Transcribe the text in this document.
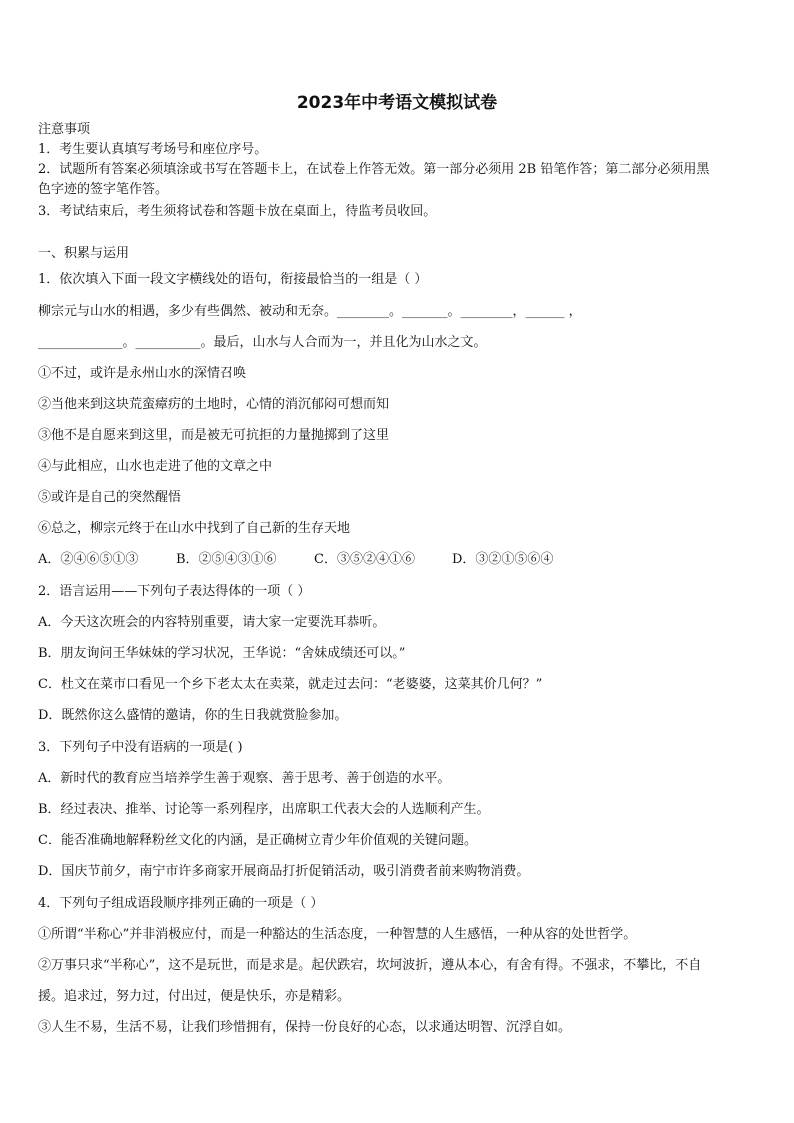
2023年中考语文模拟试卷
注意事项
1．考生要认真填写考场号和座位序号。
2．试题所有答案必须填涂或书写在答题卡上，在试卷上作答无效。第一部分必须用 2B 铅笔作答；第二部分必须用黑
色字迹的签字笔作答。
3．考试结束后，考生须将试卷和答题卡放在桌面上，待监考员收回。
一、积累与运用
1．依次填入下面一段文字横线处的语句，衔接最恰当的一组是（ ）
柳宗元与山水的相遇，多少有些偶然、被动和无奈。________。_______。________，______ ，
_____________。__________。最后，山水与人合而为一，并且化为山水之文。
①不过，或许是永州山水的深情召唤
②当他来到这块荒蛮瘴疠的土地时，心情的消沉郁闷可想而知
③他不是自愿来到这里，而是被无可抗拒的力量抛掷到了这里
④与此相应，山水也走进了他的文章之中
⑤或许是自己的突然醒悟
⑥总之，柳宗元终于在山水中找到了自己新的生存天地
A．②④⑥⑤①③	B．②⑤④③①⑥	C．③⑤②④①⑥	D．③②①⑤⑥④
2．语言运用——下列句子表达得体的一项（ ）
A．今天这次班会的内容特别重要，请大家一定要洗耳恭听。
B．朋友询问王华妹妹的学习状况，王华说：“舍妹成绩还可以。”
C．杜文在菜市口看见一个乡下老太太在卖菜，就走过去问：“老婆婆，这菜其价几何？”
D．既然你这么盛情的邀请，你的生日我就赏脸参加。
3．下列句子中没有语病的一项是( )
A．新时代的教育应当培养学生善于观察、善于思考、善于创造的水平。
B．经过表决、推举、讨论等一系列程序，出席职工代表大会的人选顺利产生。
C．能否准确地解释粉丝文化的内涵，是正确树立青少年价值观的关键问题。
D．国庆节前夕，南宁市许多商家开展商品打折促销活动，吸引消费者前来购物消费。
4．下列句子组成语段顺序排列正确的一项是（ ）
①所谓“半称心”并非消极应付，而是一种豁达的生活态度，一种智慧的人生感悟，一种从容的处世哲学。
②万事只求“半称心”，这不是玩世，而是求是。起伏跌宕，坎坷波折，遵从本心，有舍有得。不强求，不攀比，不自
援。追求过，努力过，付出过，便是快乐，亦是精彩。
③人生不易，生活不易，让我们珍惜拥有，保持一份良好的心态，以求通达明智、沉浮自如。
